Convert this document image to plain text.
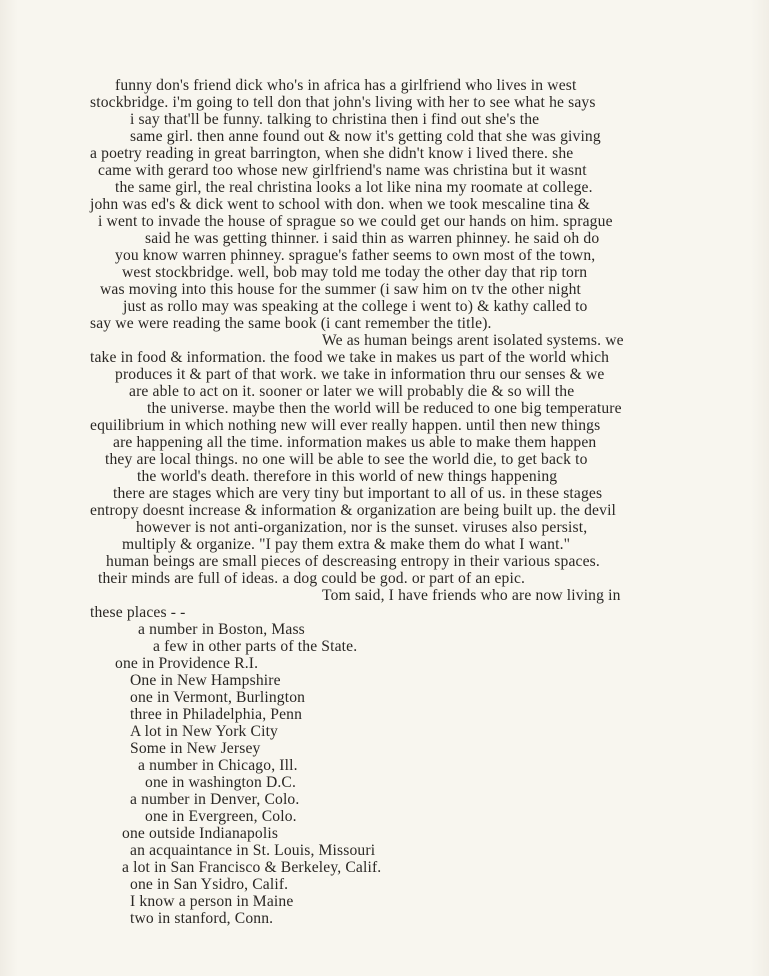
funny don's friend dick who's in africa has a girlfriend who lives in west
stockbridge. i'm going to tell don that john's living with her to see what he says
i say that'll be funny. talking to christina then i find out she's the
same girl. then anne found out & now it's getting cold that she was giving
a poetry reading in great barrington, when she didn't know i lived there. she
came with gerard too whose new girlfriend's name was christina but it wasnt
the same girl, the real christina looks a lot like nina my roomate at college.
john was ed's & dick went to school with don. when we took mescaline tina &
i went to invade the house of sprague so we could get our hands on him. sprague
said he was getting thinner. i said thin as warren phinney. he said oh do
you know warren phinney. sprague's father seems to own most of the town,
west stockbridge. well, bob may told me today the other day that rip torn
was moving into this house for the summer (i saw him on tv the other night
just as rollo may was speaking at the college i went to) & kathy called to
say we were reading the same book (i cant remember the title).
We as human beings arent isolated systems. we
take in food & information. the food we take in makes us part of the world which
produces it & part of that work. we take in information thru our senses & we
are able to act on it. sooner or later we will probably die & so will the
the universe. maybe then the world will be reduced to one big temperature
equilibrium in which nothing new will ever really happen. until then new things
are happening all the time. information makes us able to make them happen
they are local things. no one will be able to see the world die, to get back to
the world's death. therefore in this world of new things happening
there are stages which are very tiny but important to all of us. in these stages
entropy doesnt increase & information & organization are being built up. the devil
however is not anti-organization, nor is the sunset. viruses also persist,
multiply & organize. "I pay them extra & make them do what I want."
human beings are small pieces of descreasing entropy in their various spaces.
their minds are full of ideas. a dog could be god. or part of an epic.
Tom said, I have friends who are now living in
these places - -
a number in Boston, Mass
a few in other parts of the State.
one in Providence R.I.
One in New Hampshire
one in Vermont, Burlington
three in Philadelphia, Penn
A lot in New York City
Some in New Jersey
a number in Chicago, Ill.
one in washington D.C.
a number in Denver, Colo.
one in Evergreen, Colo.
one outside Indianapolis
an acquaintance in St. Louis, Missouri
a lot in San Francisco & Berkeley, Calif.
one in San Ysidro, Calif.
I know a person in Maine
two in stanford, Conn.
